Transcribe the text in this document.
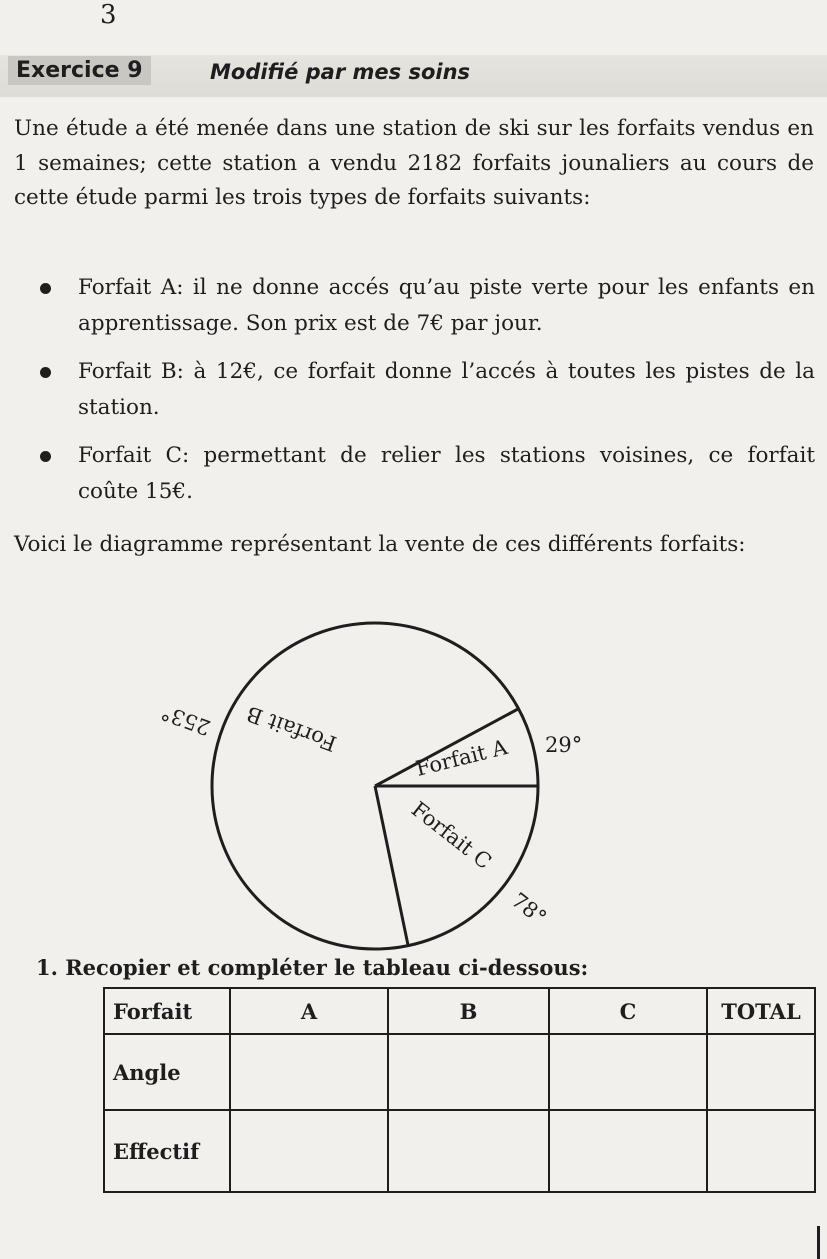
3
Exercice 9	Modifié par mes soins

Une étude a été menée dans une station de ski sur les forfaits vendus en 1 semaines; cette station a vendu 2182 forfaits jounaliers au cours de cette étude parmi les trois types de forfaits suivants:

Forfait A: il ne donne accés qu’au piste verte pour les enfants en apprentissage. Son prix est de 7€ par jour.
Forfait B: à 12€, ce forfait donne l’accés à toutes les pistes de la station.
Forfait C: permettant de relier les stations voisines, ce forfait coûte 15€.

Voici le diagramme représentant la vente de ces différents forfaits:

Forfait A 29°
Forfait B
253°
Forfait C
78°
1. Recopier et compléter le tableau ci-dessous:
Forfait	A	B	C	TOTAL
Angle				
Effectif				
